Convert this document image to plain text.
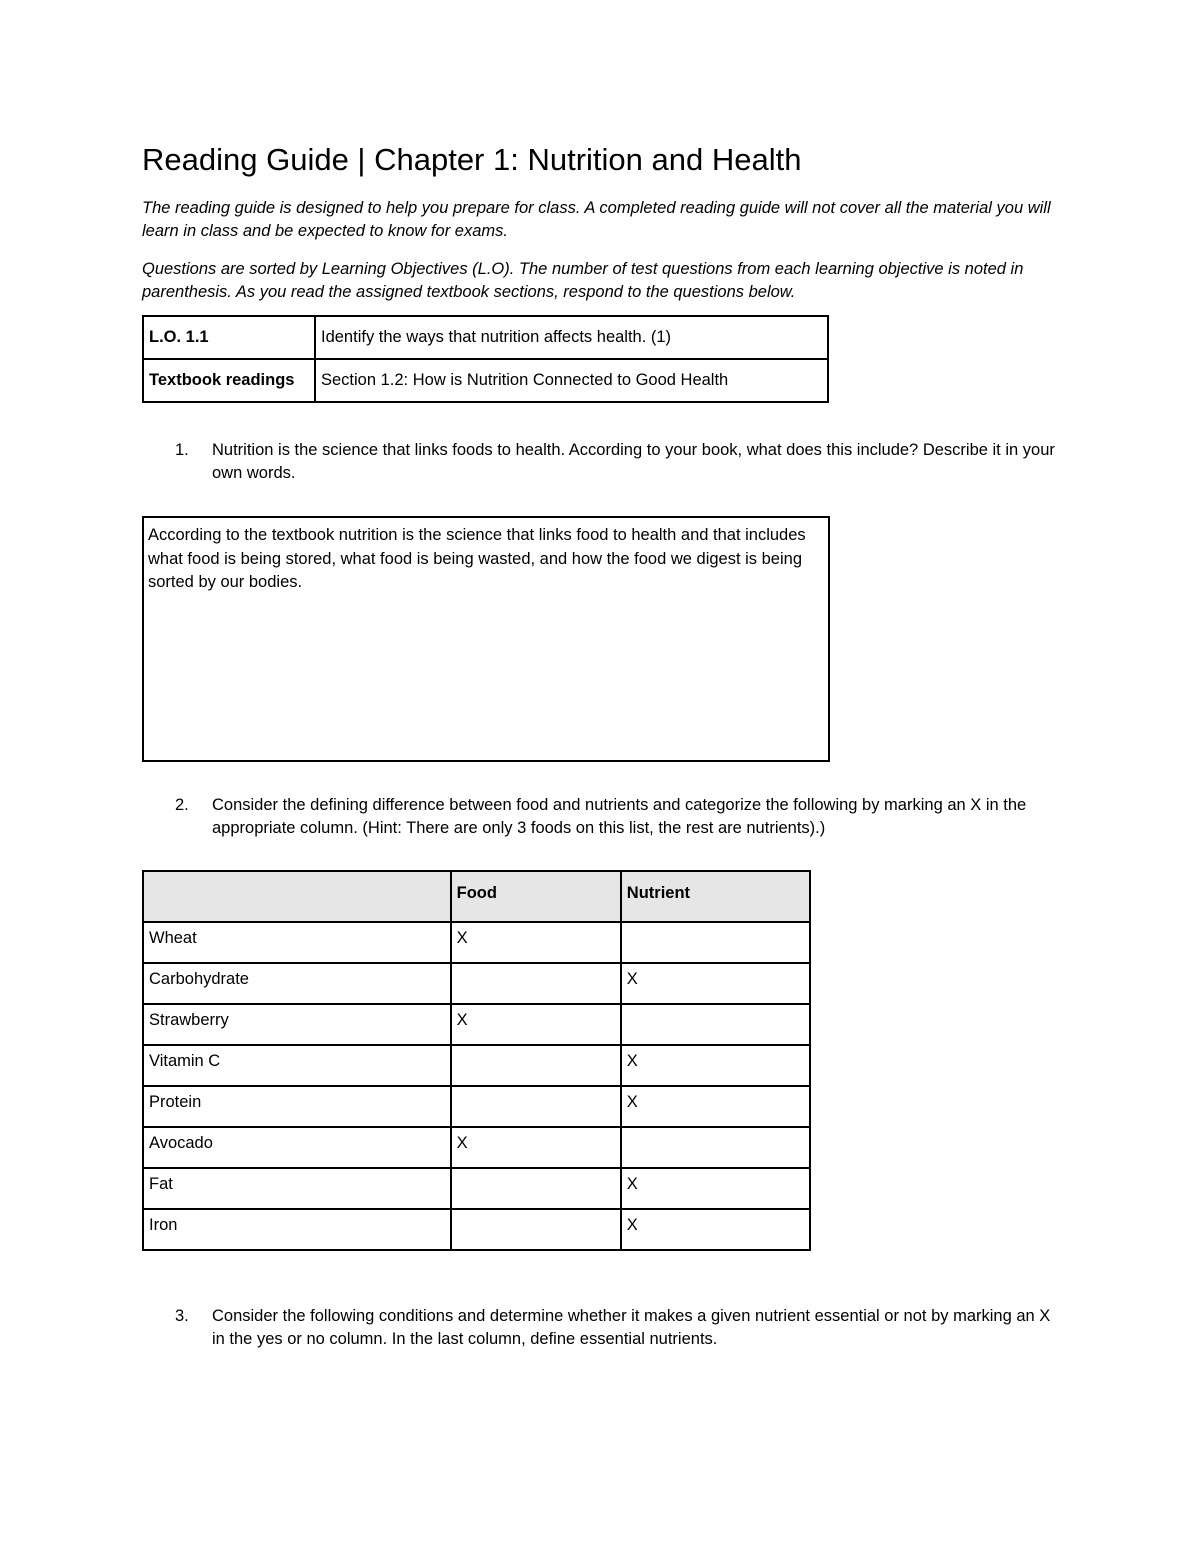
Reading Guide | Chapter 1: Nutrition and Health

The reading guide is designed to help you prepare for class. A completed reading guide will not cover all the material you will learn in class and be expected to know for exams.

Questions are sorted by Learning Objectives (L.O). The number of test questions from each learning objective is noted in parenthesis. As you read the assigned textbook sections, respond to the questions below.

L.O. 1.1	Identify the ways that nutrition affects health. (1)
Textbook readings	Section 1.2: How is Nutrition Connected to Good Health
1. Nutrition is the science that links foods to health. According to your book, what does this include? Describe it in your own words.
According to the textbook nutrition is the science that links food to health and that includes what food is being stored, what food is being wasted, and how the food we digest is being sorted by our bodies.
2. Consider the defining difference between food and nutrients and categorize the following by marking an X in the appropriate column. (Hint: There are only 3 foods on this list, the rest are nutrients).)
	Food	Nutrient
Wheat	X	
Carbohydrate		X
Strawberry	X	
Vitamin C		X
Protein		X
Avocado	X	
Fat		X
Iron		X
3. Consider the following conditions and determine whether it makes a given nutrient essential or not by marking an X in the yes or no column. In the last column, define essential nutrients.
